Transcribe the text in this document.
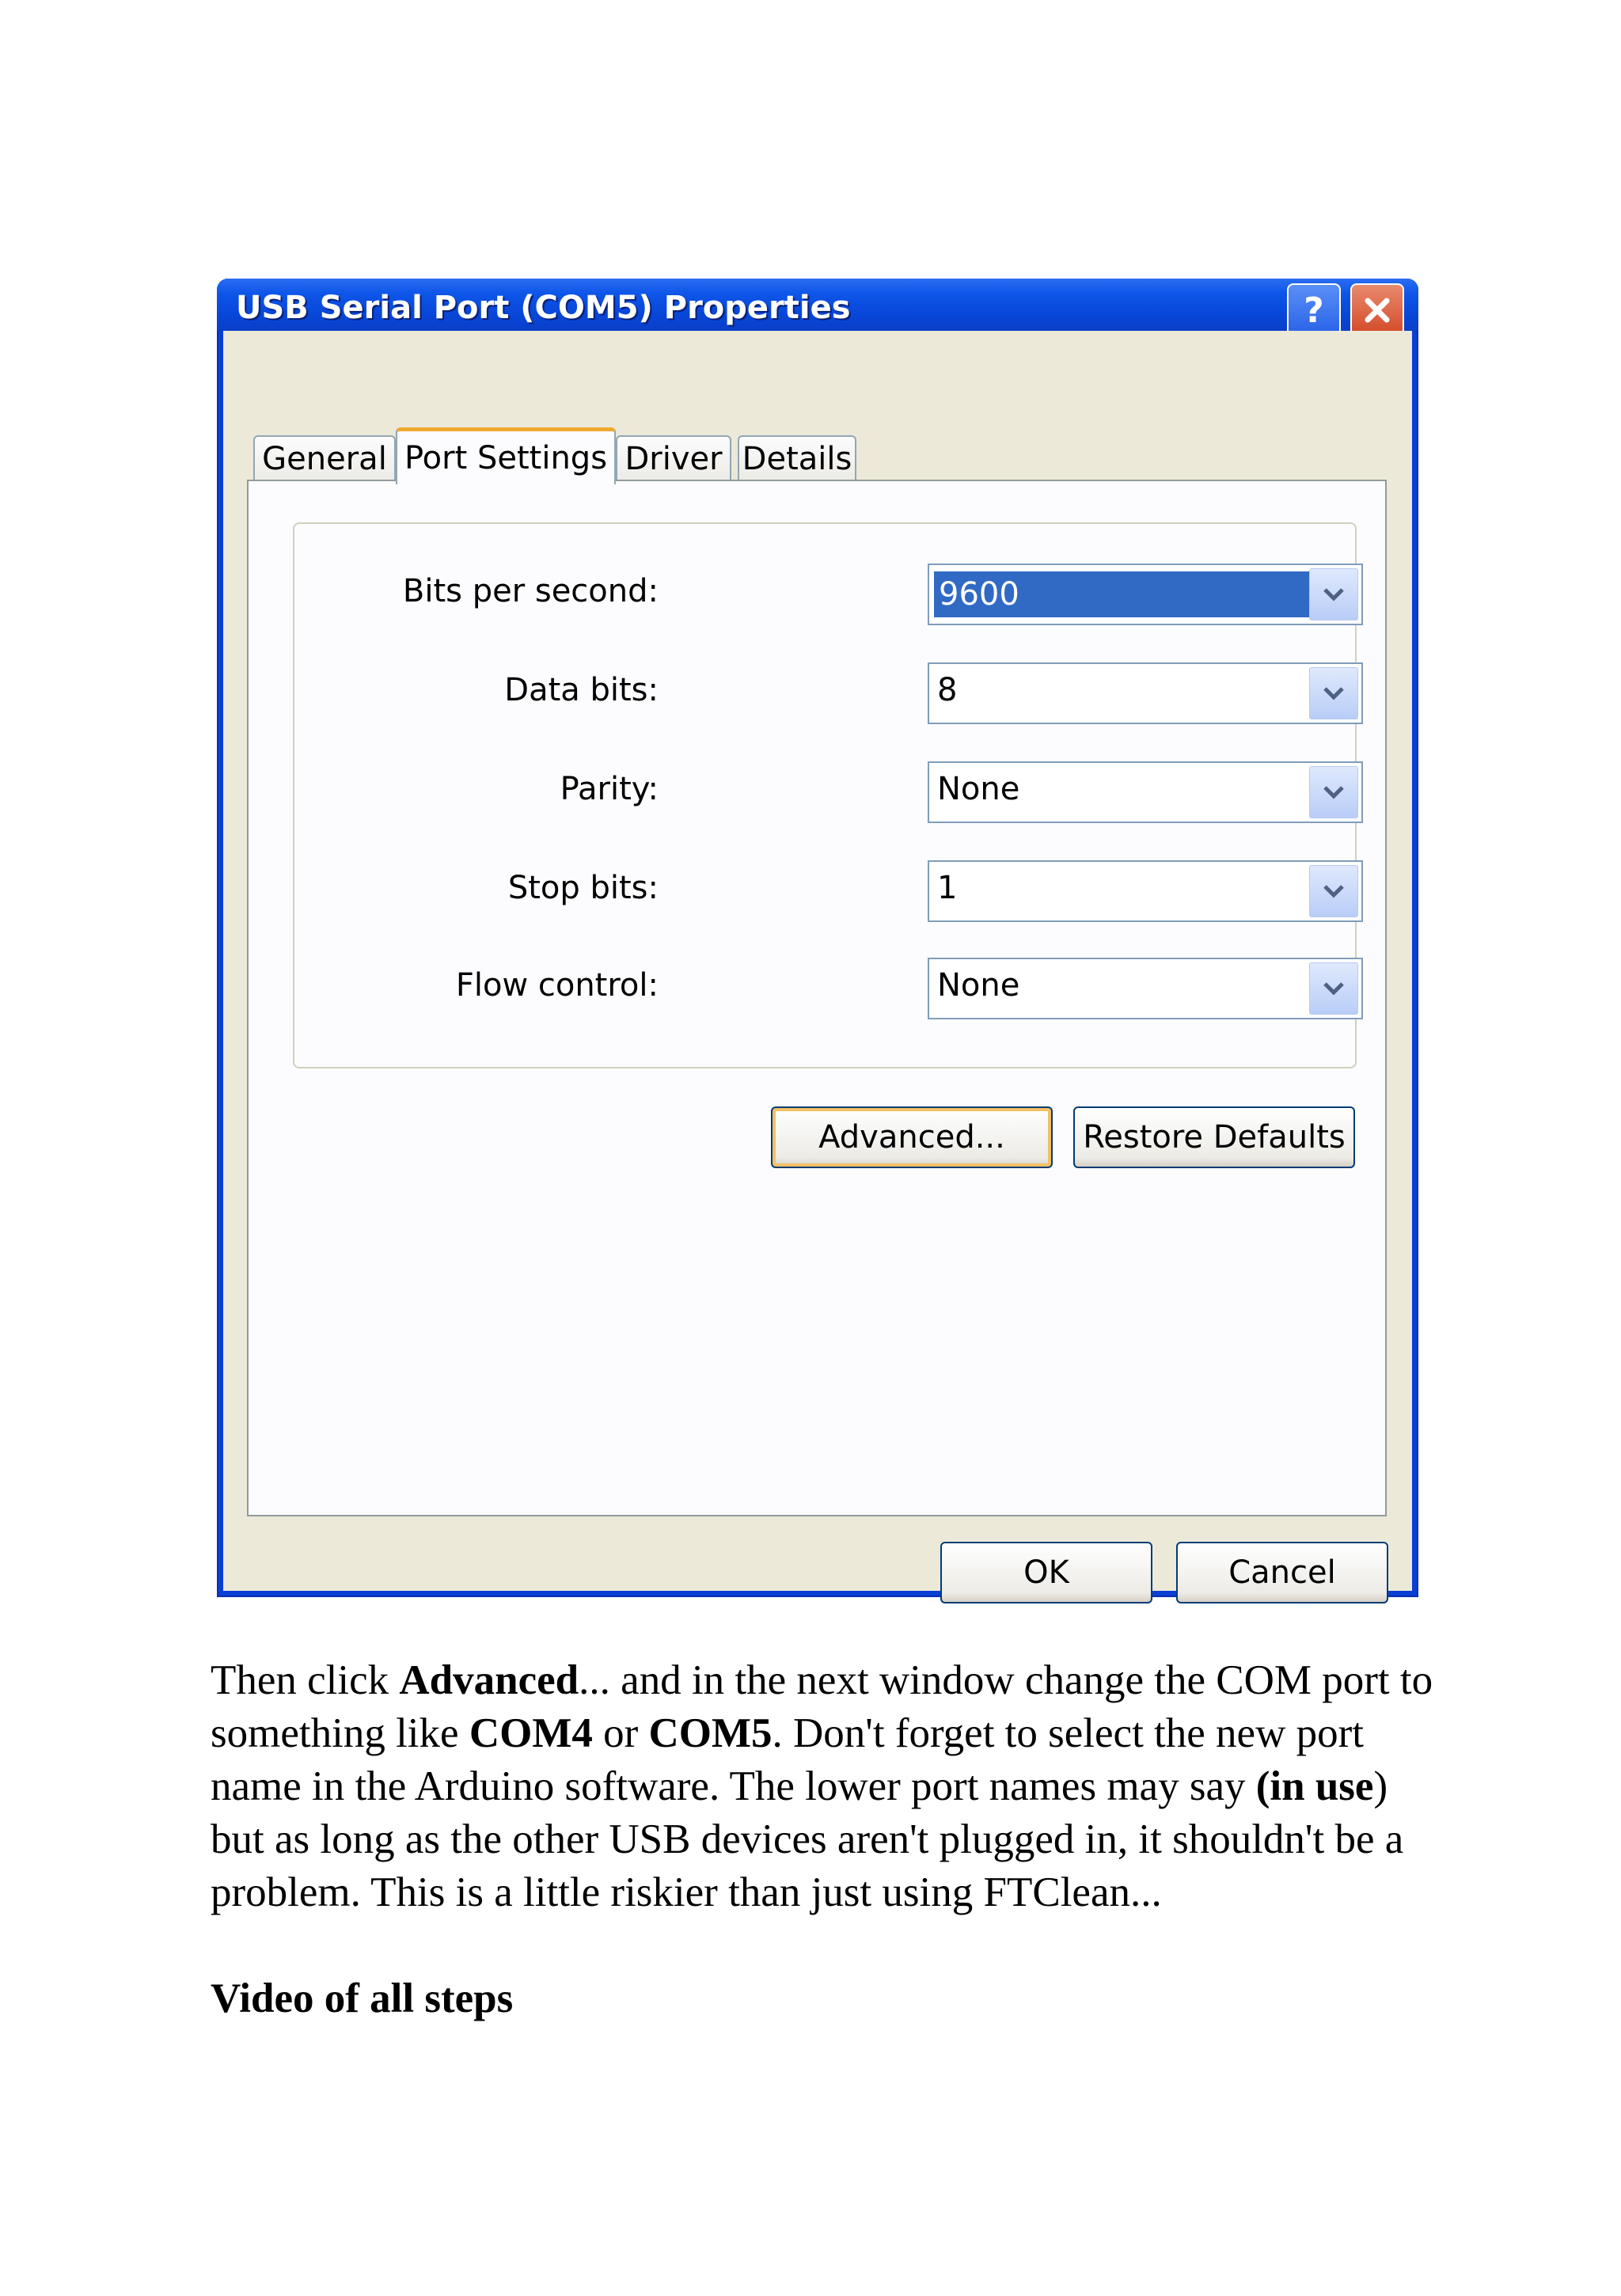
USB Serial Port (COM5) Properties	?
General Port Settings Driver Details
Bits per second:	9600
Data bits:	8
Parity:	None
Stop bits:	1
Flow control:	None
Advanced...	Restore Defaults
OK	Cancel
Then click Advanced... and in the next window change the COM port to something like COM4 or COM5. Don't forget to select the new port name in the Arduino software. The lower port names may say (in use) but as long as the other USB devices aren't plugged in, it shouldn't be a problem. This is a little riskier than just using FTClean...
Video of all steps
